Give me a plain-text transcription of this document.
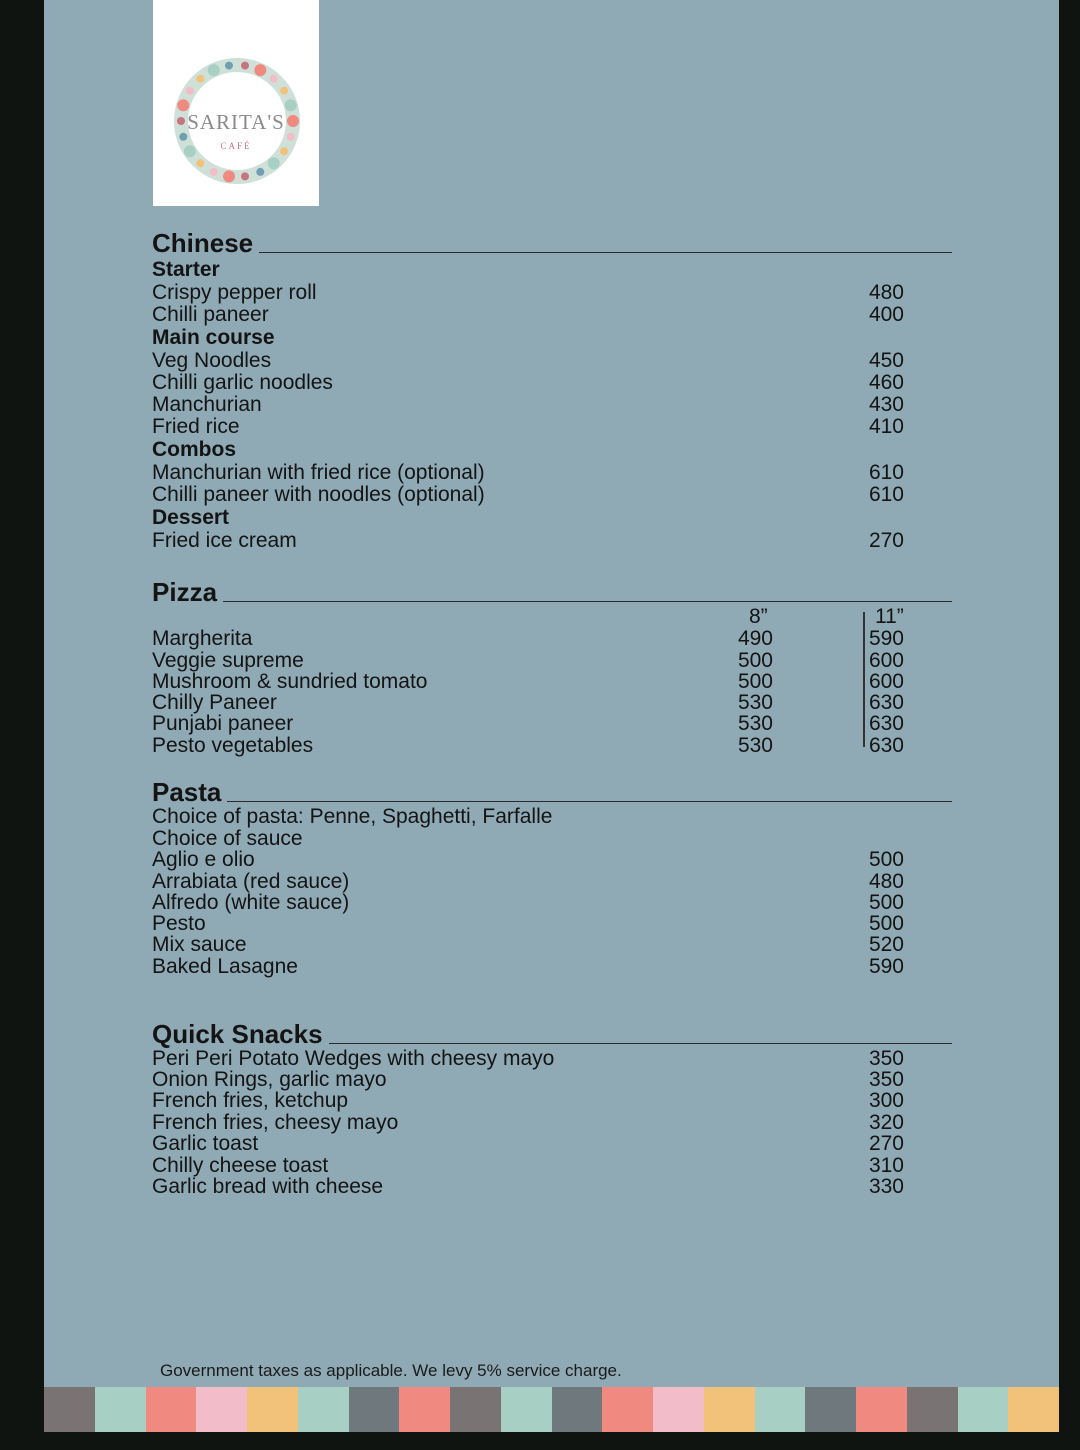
SARITA'S
CAFÉ
Chinese
Starter
Crispy pepper roll	480
Chilli paneer	400
Main course
Veg Noodles	450
Chilli garlic noodles	460
Manchurian	430
Fried rice	410
Combos
Manchurian with fried rice (optional)	610
Chilli paneer with noodles (optional)	610
Dessert
Fried ice cream	270
Pizza
8”	11”
Margherita	490	590
Veggie supreme	500	600
Mushroom & sundried tomato	500	600
Chilly Paneer	530	630
Punjabi paneer	530	630
Pesto vegetables	530	630
Pasta
Choice of pasta: Penne, Spaghetti, Farfalle
Choice of sauce
Aglio e olio	500
Arrabiata (red sauce)	480
Alfredo (white sauce)	500
Pesto	500
Mix sauce	520
Baked Lasagne	590
Quick Snacks
Peri Peri Potato Wedges with cheesy mayo	350
Onion Rings, garlic mayo	350
French fries, ketchup	300
French fries, cheesy mayo	320
Garlic toast	270
Chilly cheese toast	310
Garlic bread with cheese	330
Government taxes as applicable. We levy 5% service charge.
